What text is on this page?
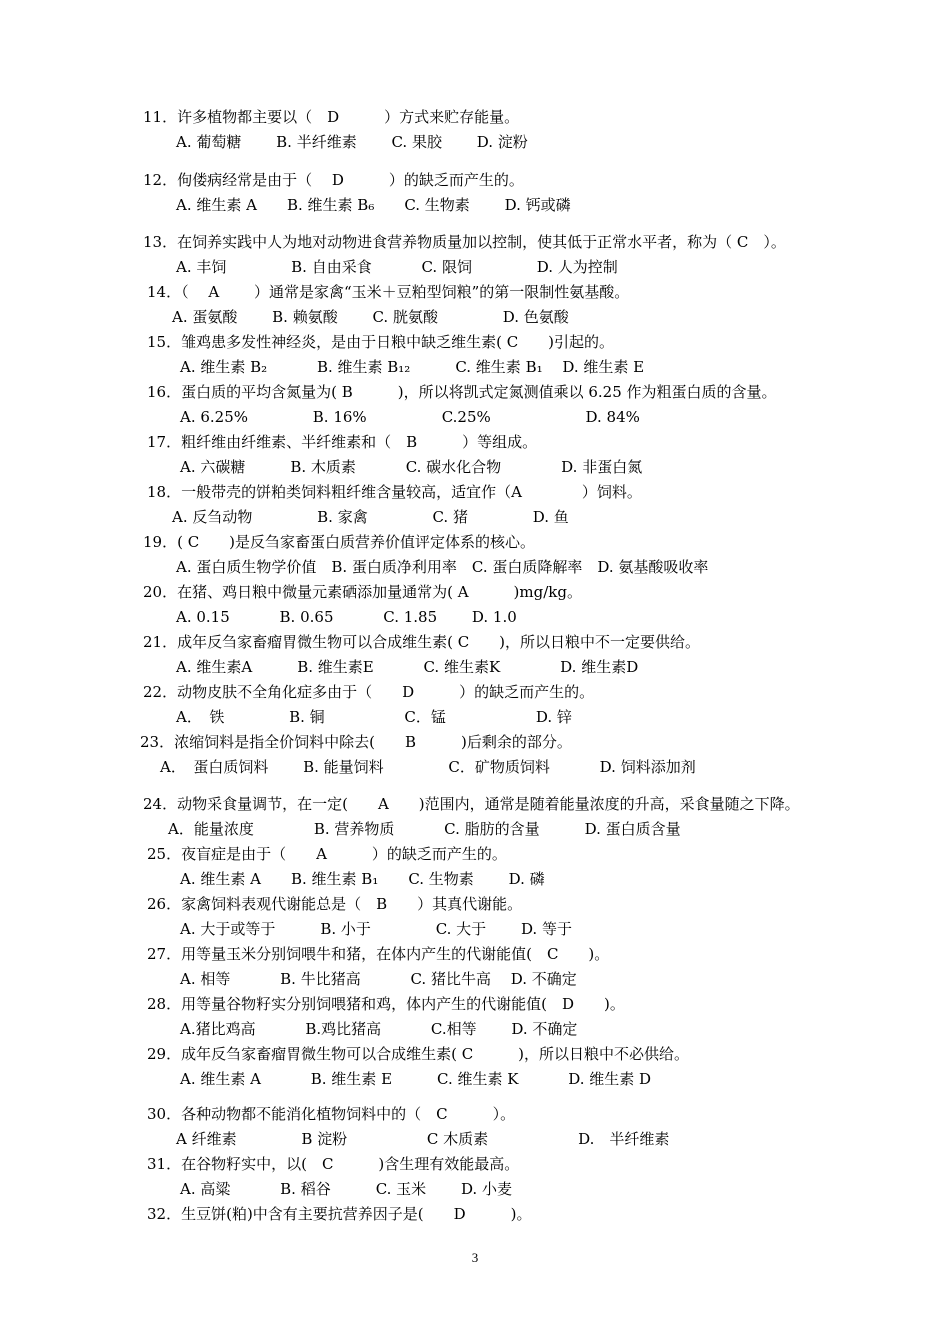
11．许多植物都主要以（　D　　　）方式来贮存能量。
A. 葡萄糖　　 B. 半纤维素　　 C. 果胶　　 D. 淀粉
12．佝偻病经常是由于（　 D　　　）的缺乏而产生的。
A. 维生素 A　　B. 维生素 B₆　　C. 生物素　　 D. 钙或磷
13．在饲养实践中人为地对动物进食营养物质量加以控制，使其低于正常水平者，称为（ C　）。
A. 丰饲　　　　 B. 自由采食　　　 C. 限饲　　　　 D. 人为控制
14．（　 A　　 ）通常是家禽“玉米＋豆粕型饲粮”的第一限制性氨基酸。
A. 蛋氨酸　　 B. 赖氨酸　　 C. 胱氨酸　　　　 D. 色氨酸
15．雏鸡患多发性神经炎，是由于日粮中缺乏维生素( C　　)引起的。
A. 维生素 B₂　　　 B. 维生素 B₁₂　　　C. 维生素 B₁　 D. 维生素 E
16．蛋白质的平均含氮量为( B　　　)，所以将凯式定氮测值乘以 6.25 作为粗蛋白质的含量。
A. 6.25%　　　　 B. 16%　　　　　C.25%　　　　　　 D. 84%
17．粗纤维由纤维素、半纤维素和（　B　　　）等组成。
A. 六碳糖　　　B. 木质素　　　 C. 碳水化合物　　　　D. 非蛋白氮
18．一般带壳的饼粕类饲料粗纤维含量较高，适宜作（A　　　　）饲料。
A. 反刍动物　　　　 B. 家禽　　　　 C. 猪　　　　 D. 鱼
19．( C　　)是反刍家畜蛋白质营养价值评定体系的核心。
A. 蛋白质生物学价值　B. 蛋白质净利用率　C. 蛋白质降解率　D. 氨基酸吸收率
20．在猪、鸡日粮中微量元素硒添加量通常为( A　　　)mg/kg。
A. 0.15　　　 B. 0.65　　　 C. 1.85　　 D. 1.0
21．成年反刍家畜瘤胃微生物可以合成维生素( C　　)，所以日粮中不一定要供给。
A. 维生素A　　　B. 维生素E　　　 C. 维生素K　　　　D. 维生素D
22．动物皮肤不全角化症多由于（　　D　　　）的缺乏而产生的。
A．　铁　　　　 B. 铜　　　　　 C．锰　　　　　　D. 锌
23．浓缩饲料是指全价饲料中除去(　　B　　　)后剩余的部分。
A．　蛋白质饲料　　 B. 能量饲料　　　　 C．矿物质饲料　　　 D. 饲料添加剂
24．动物采食量调节，在一定(　　A　　)范围内，通常是随着能量浓度的升高，采食量随之下降。
A．能量浓度　　　　B. 营养物质　　　 C. 脂肪的含量　　　D. 蛋白质含量
25．夜盲症是由于（　　A　　　）的缺乏而产生的。
A. 维生素 A　　B. 维生素 B₁　　C. 生物素　　 D. 磷
26．家禽饲料表观代谢能总是（　B　　）其真代谢能。
A. 大于或等于　　　B. 小于　　　　 C. 大于　　 D. 等于
27．用等量玉米分别饲喂牛和猪，在体内产生的代谢能值(　C　　)。
A. 相等　　　 B. 牛比猪高　　　 C. 猪比牛高　 D. 不确定
28．用等量谷物籽实分别饲喂猪和鸡，体内产生的代谢能值(　D　　)。
A.猪比鸡高　　　 B.鸡比猪高　　　 C.相等　　 D. 不确定
29．成年反刍家畜瘤胃微生物可以合成维生素( C　　　)，所以日粮中不必供给。
A. 维生素 A　　　 B. 维生素 E　　　C. 维生素 K　　　 D. 维生素 D
30．各种动物都不能消化植物饲料中的（　C　　　）。
A 纤维素　　　　 B 淀粉　　　　　 C 木质素　　　　　　D.　半纤维素
31．在谷物籽实中，以(　C　　　)含生理有效能最高。
A. 高粱　　　 B. 稻谷　　　C. 玉米　　 D. 小麦
32．生豆饼(粕)中含有主要抗营养因子是(　　D　　　)。
3
